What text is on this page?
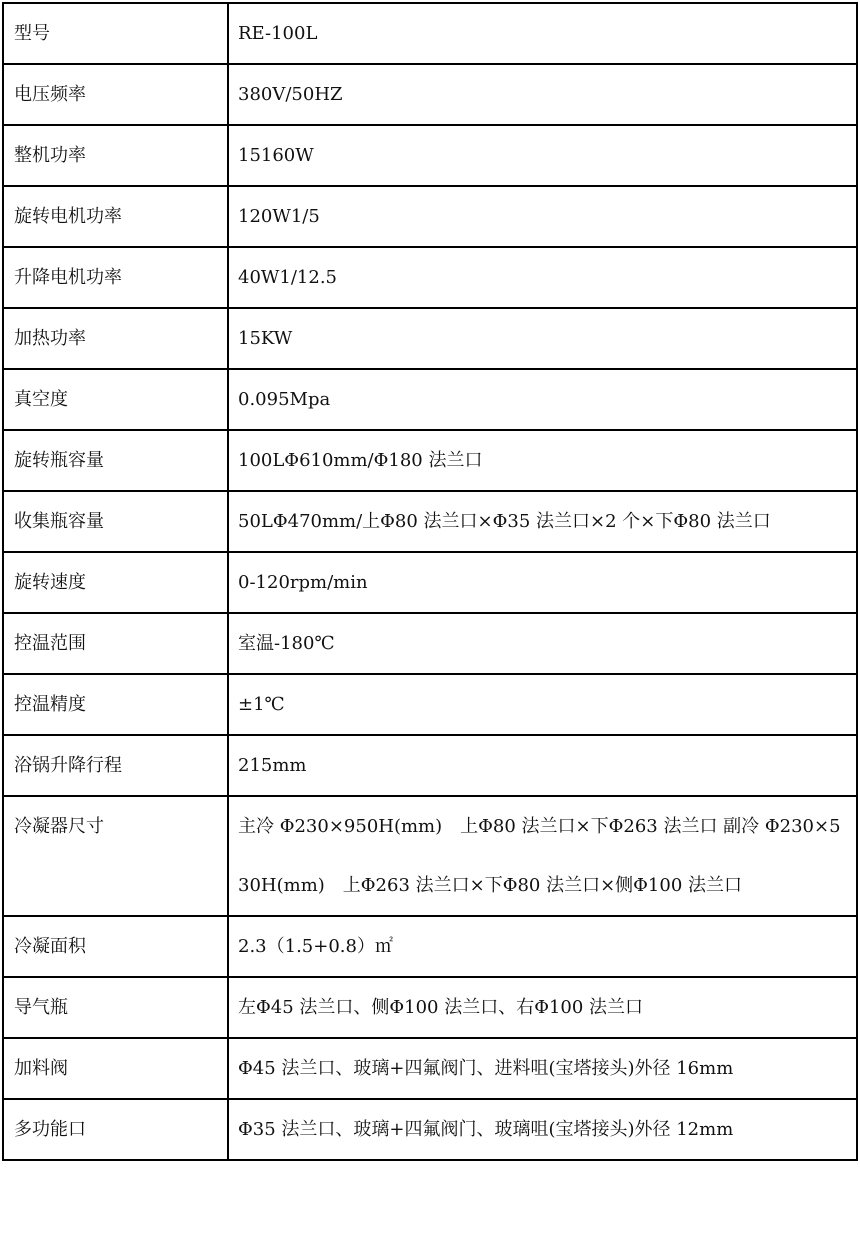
型号	RE-100L
电压频率	380V/50HZ
整机功率	15160W
旋转电机功率	120W1/5
升降电机功率	40W1/12.5
加热功率	15KW
真空度	0.095Mpa
旋转瓶容量	100LΦ610mm/Φ180 法兰口
收集瓶容量	50LΦ470mm/上Φ80 法兰口×Φ35 法兰口×2 个×下Φ80 法兰口
旋转速度	0-120rpm/min
控温范围	室温-180℃
控温精度	±1℃
浴锅升降行程	215mm
冷凝器尺寸	主冷 Φ230×950H(mm)　上Φ80 法兰口×下Φ263 法兰口 副冷 Φ230×530H(mm)　上Φ263 法兰口×下Φ80 法兰口×侧Φ100 法兰口
冷凝面积	2.3（1.5+0.8）㎡
导气瓶	左Φ45 法兰口、侧Φ100 法兰口、右Φ100 法兰口
加料阀	Φ45 法兰口、玻璃+四氟阀门、进料咀(宝塔接头)外径 16mm
多功能口	Φ35 法兰口、玻璃+四氟阀门、玻璃咀(宝塔接头)外径 12mm
